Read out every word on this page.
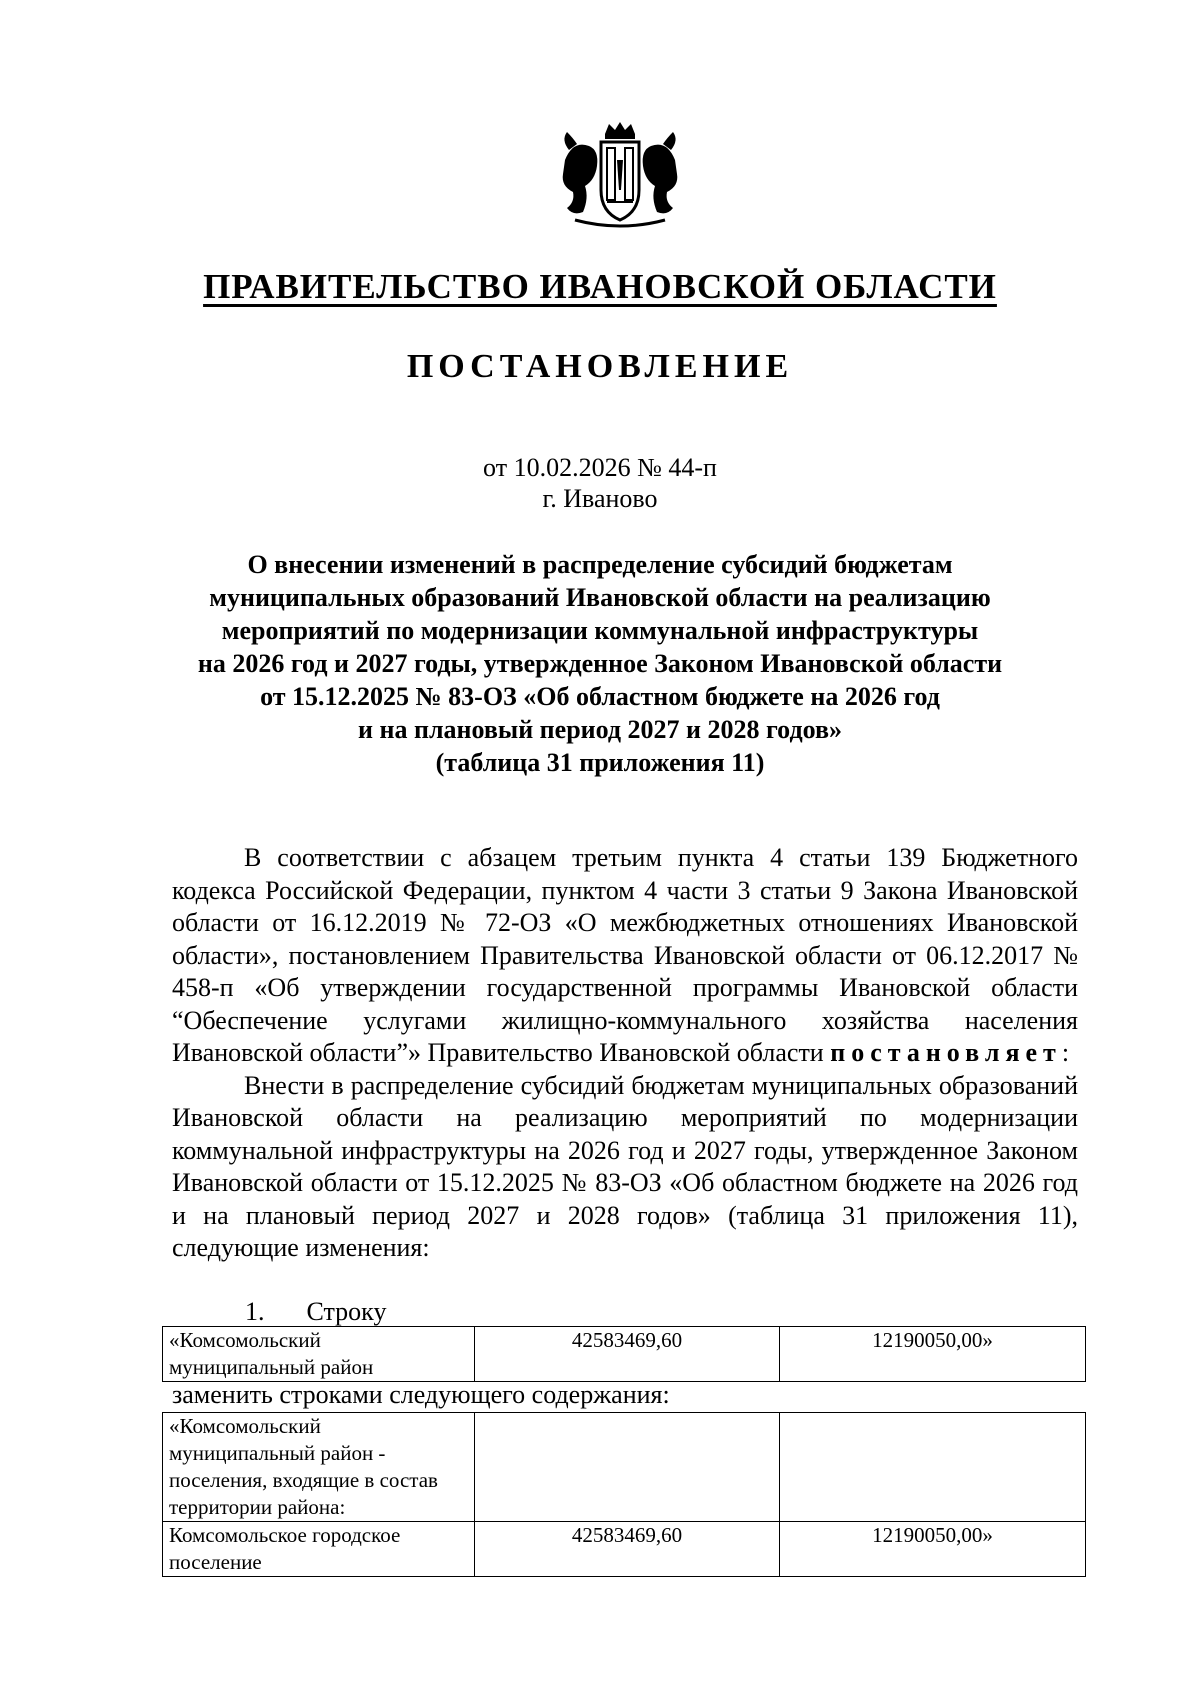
ПРАВИТЕЛЬСТВО ИВАНОВСКОЙ ОБЛАСТИ
ПОСТАНОВЛЕНИЕ
от 10.02.2026 № 44-п
г. Иваново
О внесении изменений в распределение субсидий бюджетам
муниципальных образований Ивановской области на реализацию
мероприятий по модернизации коммунальной инфраструктуры
на 2026 год и 2027 годы, утвержденное Законом Ивановской области
от 15.12.2025 № 83-ОЗ «Об областном бюджете на 2026 год
и на плановый период 2027 и 2028 годов»
(таблица 31 приложения 11)

В соответствии с абзацем третьим пункта 4 статьи 139 Бюджетного кодекса Российской Федерации, пунктом 4 части 3 статьи 9 Закона Ивановской области от 16.12.2019 № 72-ОЗ «О межбюджетных отношениях Ивановской области», постановлением Правительства Ивановской области от 06.12.2017 № 458-п «Об утверждении государственной программы Ивановской области “Обеспечение услугами жилищно-коммунального хозяйства населения Ивановской области”» Правительство Ивановской области постановляет:

Внести в распределение субсидий бюджетам муниципальных образований Ивановской области на реализацию мероприятий по модернизации коммунальной инфраструктуры на 2026 год и 2027 годы, утвержденное Законом Ивановской области от 15.12.2025 № 83-ОЗ «Об областном бюджете на 2026 год и на плановый период 2027 и 2028 годов» (таблица 31 приложения 11), следующие изменения:

1. Строку
«Комсомольский муниципальный район	42583469,60	12190050,00»
заменить строками следующего содержания:
«Комсомольский муниципальный район - поселения, входящие в состав территории района:		
Комсомольское городское поселение	42583469,60	12190050,00»
